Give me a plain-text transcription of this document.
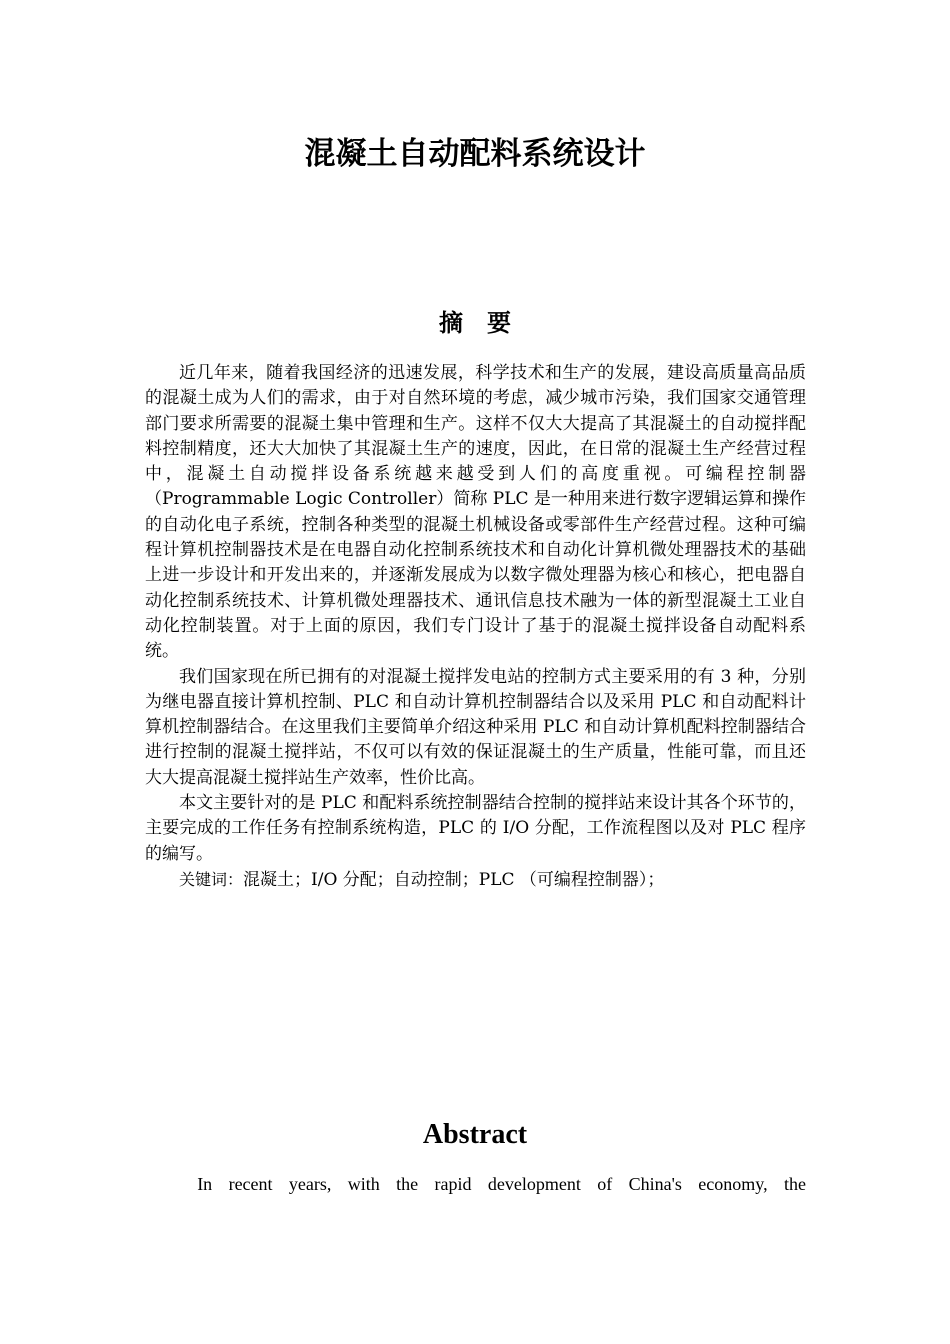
混凝土自动配料系统设计
摘要

近几年来，随着我国经济的迅速发展，科学技术和生产的发展，建设高质量高品质的混凝土成为人们的需求，由于对自然环境的考虑，减少城市污染，我们国家交通管理部门要求所需要的混凝土集中管理和生产。这样不仅大大提高了其混凝土的自动搅拌配料控制精度，还大大加快了其混凝土生产的速度，因此，在日常的混凝土生产经营过程中，混凝土自动搅拌设备系统越来越受到人们的高度重视。可编程控制器（Programmable Logic Controller）简称 PLC 是一种用来进行数字逻辑运算和操作的自动化电子系统，控制各种类型的混凝土机械设备或零部件生产经营过程。这种可编程计算机控制器技术是在电器自动化控制系统技术和自动化计算机微处理器技术的基础上进一步设计和开发出来的，并逐渐发展成为以数字微处理器为核心和核心，把电器自动化控制系统技术、计算机微处理器技术、通讯信息技术融为一体的新型混凝土工业自动化控制装置。对于上面的原因，我们专门设计了基于的混凝土搅拌设备自动配料系统。

我们国家现在所已拥有的对混凝土搅拌发电站的控制方式主要采用的有 3 种，分别为继电器直接计算机控制、PLC 和自动计算机控制器结合以及采用 PLC 和自动配料计算机控制器结合。在这里我们主要简单介绍这种采用 PLC 和自动计算机配料控制器结合进行控制的混凝土搅拌站，不仅可以有效的保证混凝土的生产质量，性能可靠，而且还大大提高混凝土搅拌站生产效率，性价比高。

本文主要针对的是 PLC 和配料系统控制器结合控制的搅拌站来设计其各个环节的，主要完成的工作任务有控制系统构造，PLC 的 I/O 分配，工作流程图以及对 PLC 程序的编写。

关键词：混凝土；I/O 分配；自动控制；PLC （可编程控制器）；

Abstract
In recent years, with the rapid development of China's economy, the
